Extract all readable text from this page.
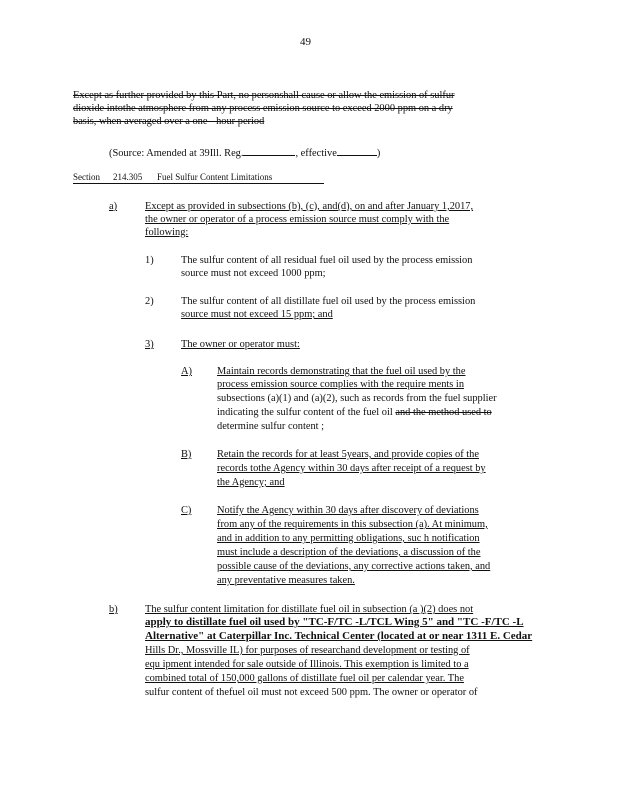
49
Except as further provided by this Part, no personshall cause or allow the emission of sulfur
dioxide intothe atmosphere from any process emission source to exceed 2000 ppm on a dry
basis, when averaged over a one - hour period
(Source: Amended at 39Ill. Reg.	, effective	)
Section 214.305 Fuel Sulfur Content Limitations
a)	Except as provided in subsections (b), (c), and(d), on and after January 1,2017,
the owner or operator of a process emission source must comply with the
following:
1)	The sulfur content of all residual fuel oil used by the process emission
source must not exceed 1000 ppm;
2)	The sulfur content of all distillate fuel oil used by the process emission
source must not exceed 15 ppm; and
3)	The owner or operator must:
A) Maintain records demonstrating that the fuel oil used by the
process emission source complies with the require ments in
subsections (a)(1) and (a)(2), such as records from the fuel supplier
indicating the sulfur content of the fuel oil and the method used to
determine sulfur content ;
B) Retain the records for at least 5years, and provide copies of the
records tothe Agency within 30 days after receipt of a request by
the Agency; and
C) Notify the Agency within 30 days after discovery of deviations
from any of the requirements in this subsection (a). At minimum,
and in addition to any permitting obligations, suc h notification
must include a description of the deviations, a discussion of the
possible cause of the deviations, any corrective actions taken, and
any preventative measures taken.
b)	The sulfur content limitation for distillate fuel oil in subsection (a )(2) does not
apply to distillate fuel oil used by "TC-F/TC -L/TCL Wing 5" and "TC -F/TC -L
Alternative" at Caterpillar Inc. Technical Center (located at or near 1311 E. Cedar
Hills Dr., Mossville IL) for purposes of researchand development or testing of
equ ipment intended for sale outside of Illinois. This exemption is limited to a
combined total of 150,000 gallons of distillate fuel oil per calendar year. The
sulfur content of thefuel oil must not exceed 500 ppm. The owner or operator of
